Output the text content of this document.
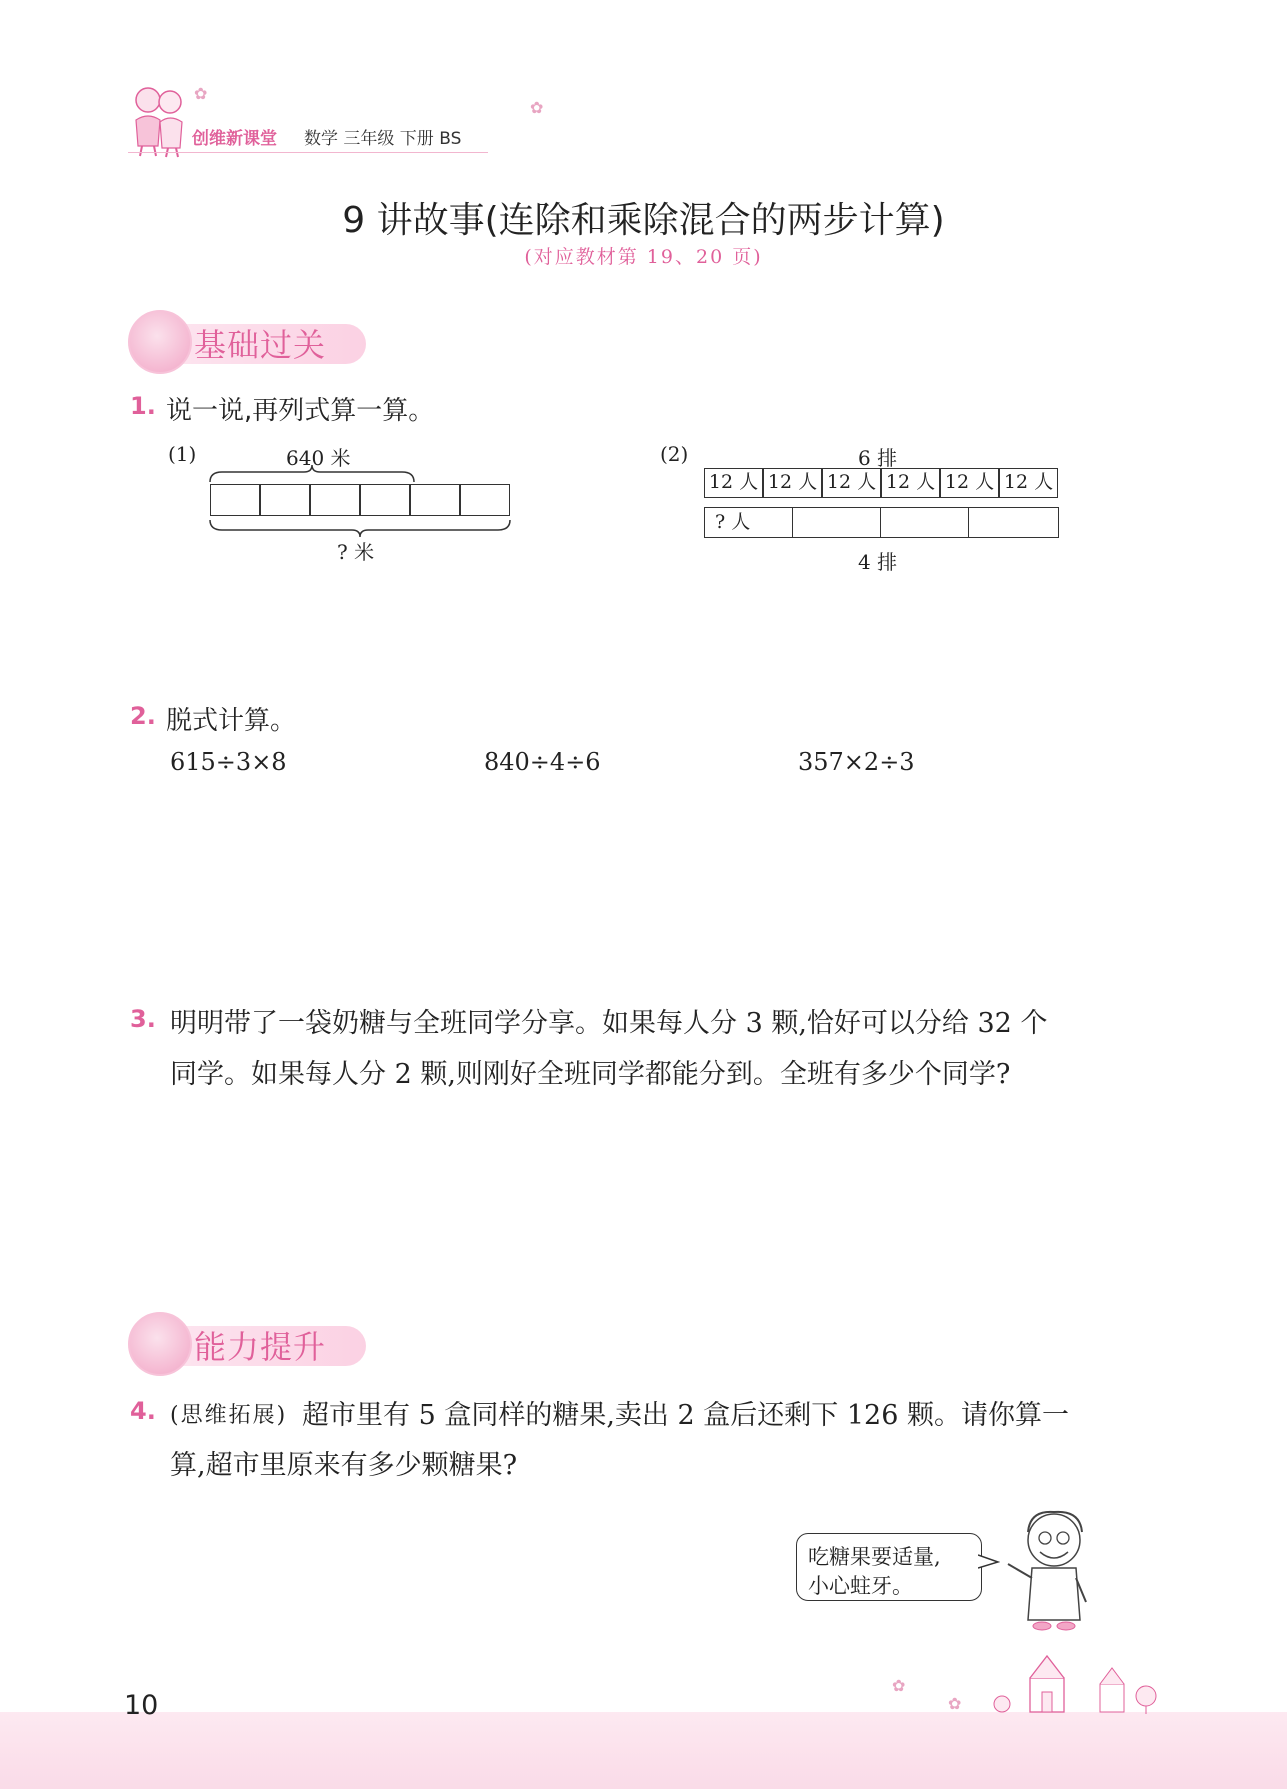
创维新课堂 数学 三年级 下册 BS
✿
✿
9 讲故事(连除和乘除混合的两步计算)
(对应教材第 19、20 页)
基础过关
1. 说一说,再列式算一算。
(1)	640 米
? 米
(2)	6 排
12 人 12 人 12 人 12 人 12 人 12 人
? 人
4 排
2. 脱式计算。
615÷3×8	840÷4÷6	357×2÷3
3. 明明带了一袋奶糖与全班同学分享。如果每人分 3 颗,恰好可以分给 32 个
同学。如果每人分 2 颗,则刚好全班同学都能分到。全班有多少个同学?
能力提升
4. (思维拓展) 超市里有 5 盒同样的糖果,卖出 2 盒后还剩下 126 颗。请你算一
算,超市里原来有多少颗糖果?
吃糖果要适量,
小心蛀牙。
10
✿
✿
